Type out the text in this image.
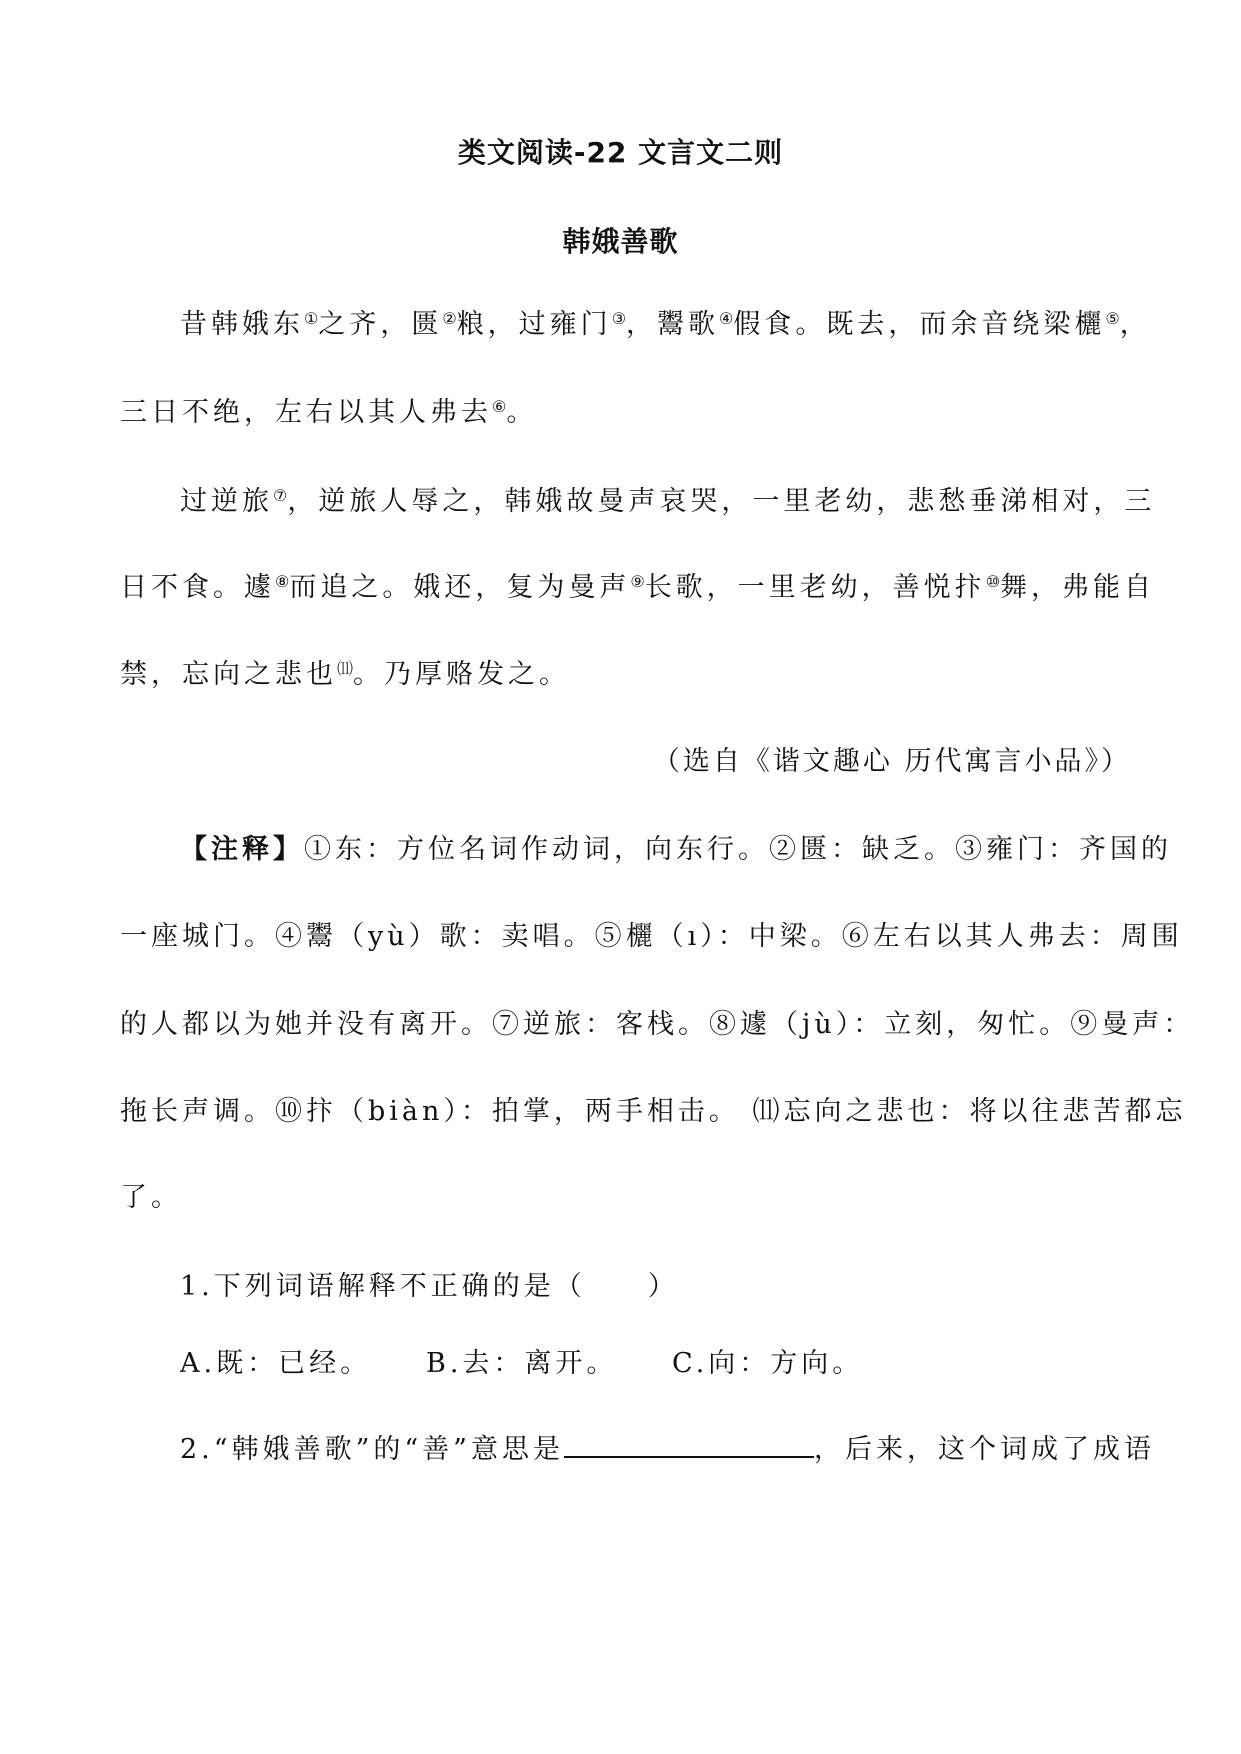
类文阅读-22 文言文二则
韩娥善歌
昔韩娥东①之齐，匮②粮，过雍门③，鬻歌④假食。既去，而余音绕梁欐⑤，
三日不绝，左右以其人弗去⑥。
过逆旅⑦，逆旅人辱之，韩娥故曼声哀哭，一里老幼，悲愁垂涕相对，三
日不食。遽⑧而追之。娥还，复为曼声⑨长歌，一里老幼，善悦抃⑩舞，弗能自
禁，忘向之悲也⑾。乃厚赂发之。
（选自《谐文趣心 历代寓言小品》）
【注释】①东：方位名词作动词，向东行。②匮：缺乏。③雍门：齐国的
一座城门。④鬻（yù）歌：卖唱。⑤欐（ı）：中梁。⑥左右以其人弗去：周围
的人都以为她并没有离开。⑦逆旅：客栈。⑧遽（jù）：立刻，匆忙。⑨曼声：
拖长声调。⑩抃（biàn）：拍掌，两手相击。 ⑾忘向之悲也：将以往悲苦都忘
了。
1.下列词语解释不正确的是（　　）
A.既：已经。 B.去：离开。 C.向：方向。
2.“韩娥善歌”的“善”意思是	，后来，这个词成了成语
